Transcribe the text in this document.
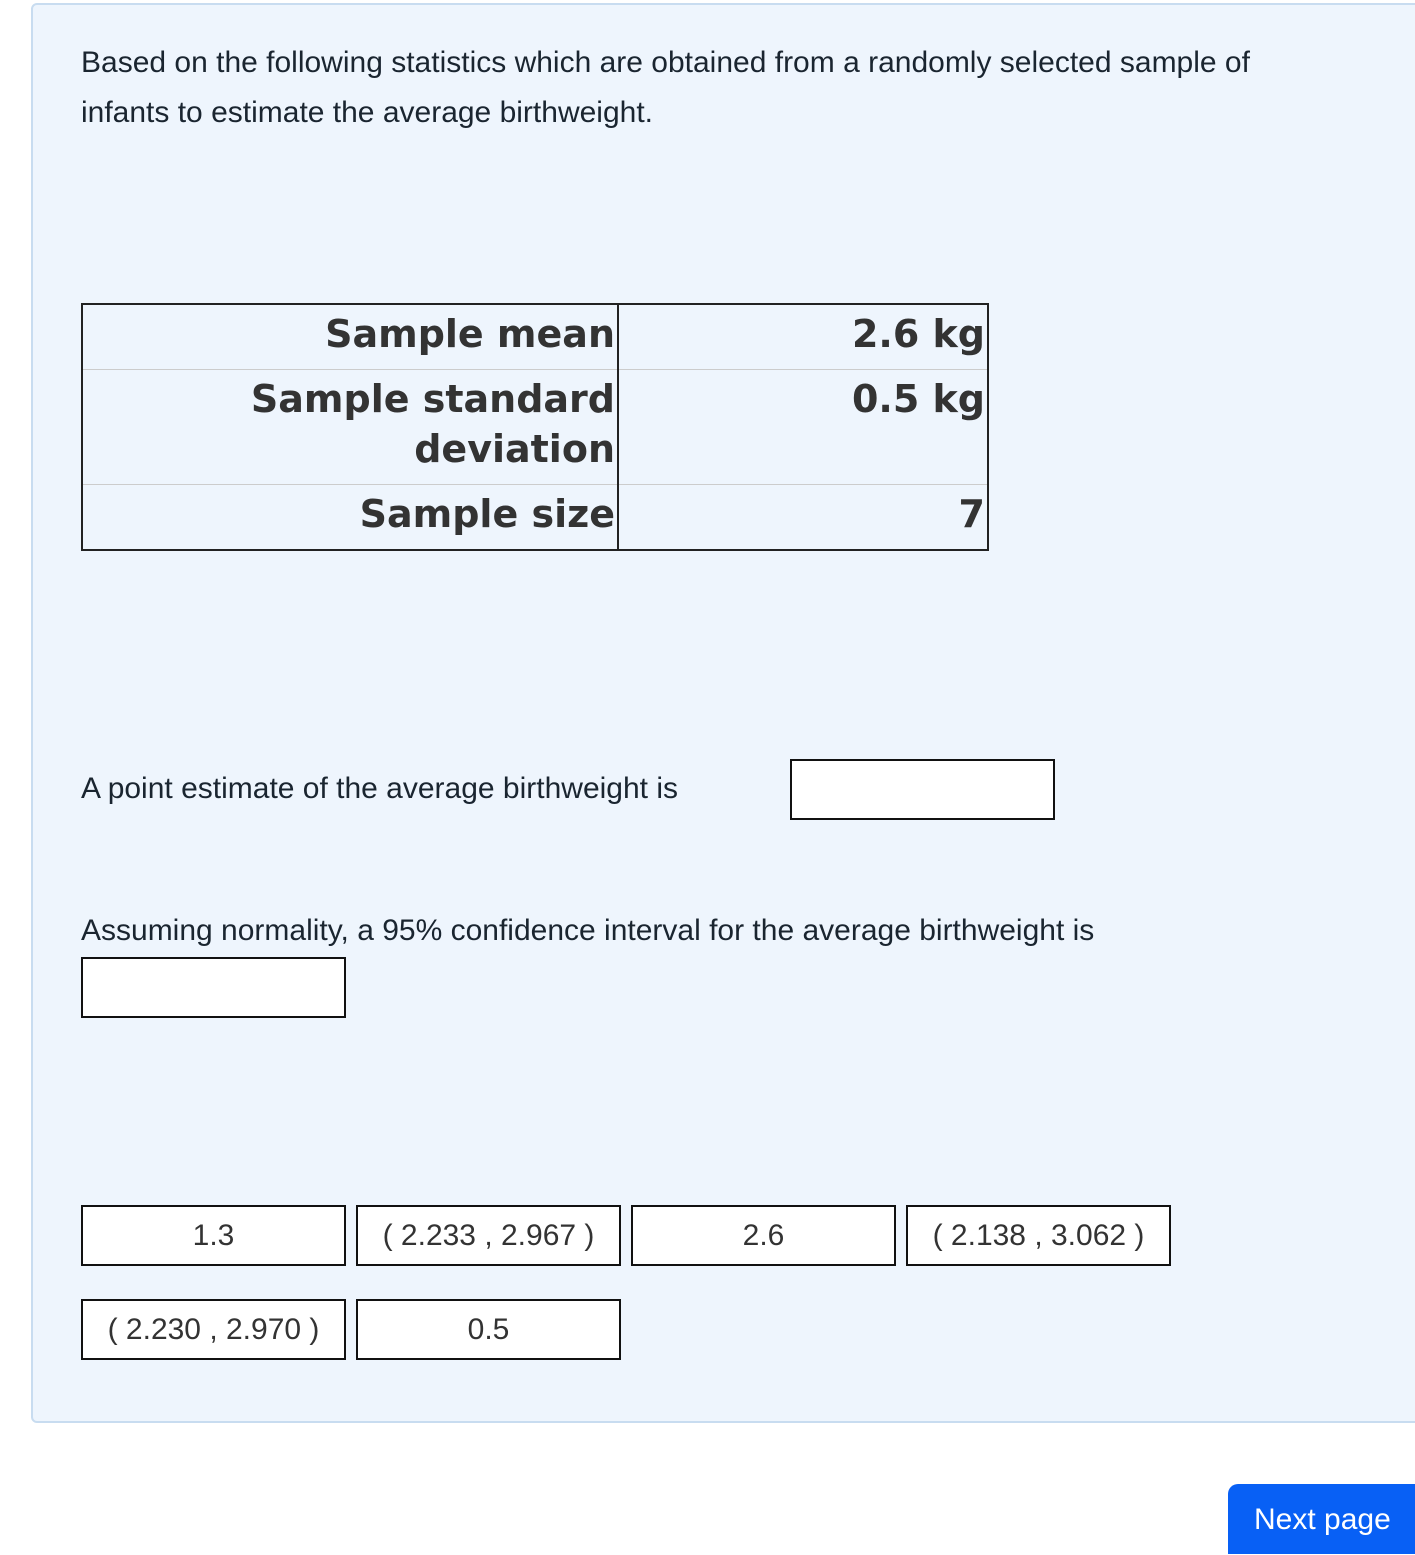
Based on the following statistics which are obtained from a randomly selected sample of infants to estimate the average birthweight.
Sample mean	2.6 kg
Sample standard deviation	0.5 kg
Sample size	7
A point estimate of the average birthweight is
Assuming normality, a 95% confidence interval for the average birthweight is
1.3	( 2.233 , 2.967 )	2.6	( 2.138 , 3.062 )
( 2.230 , 2.970 )	0.5
Next page
